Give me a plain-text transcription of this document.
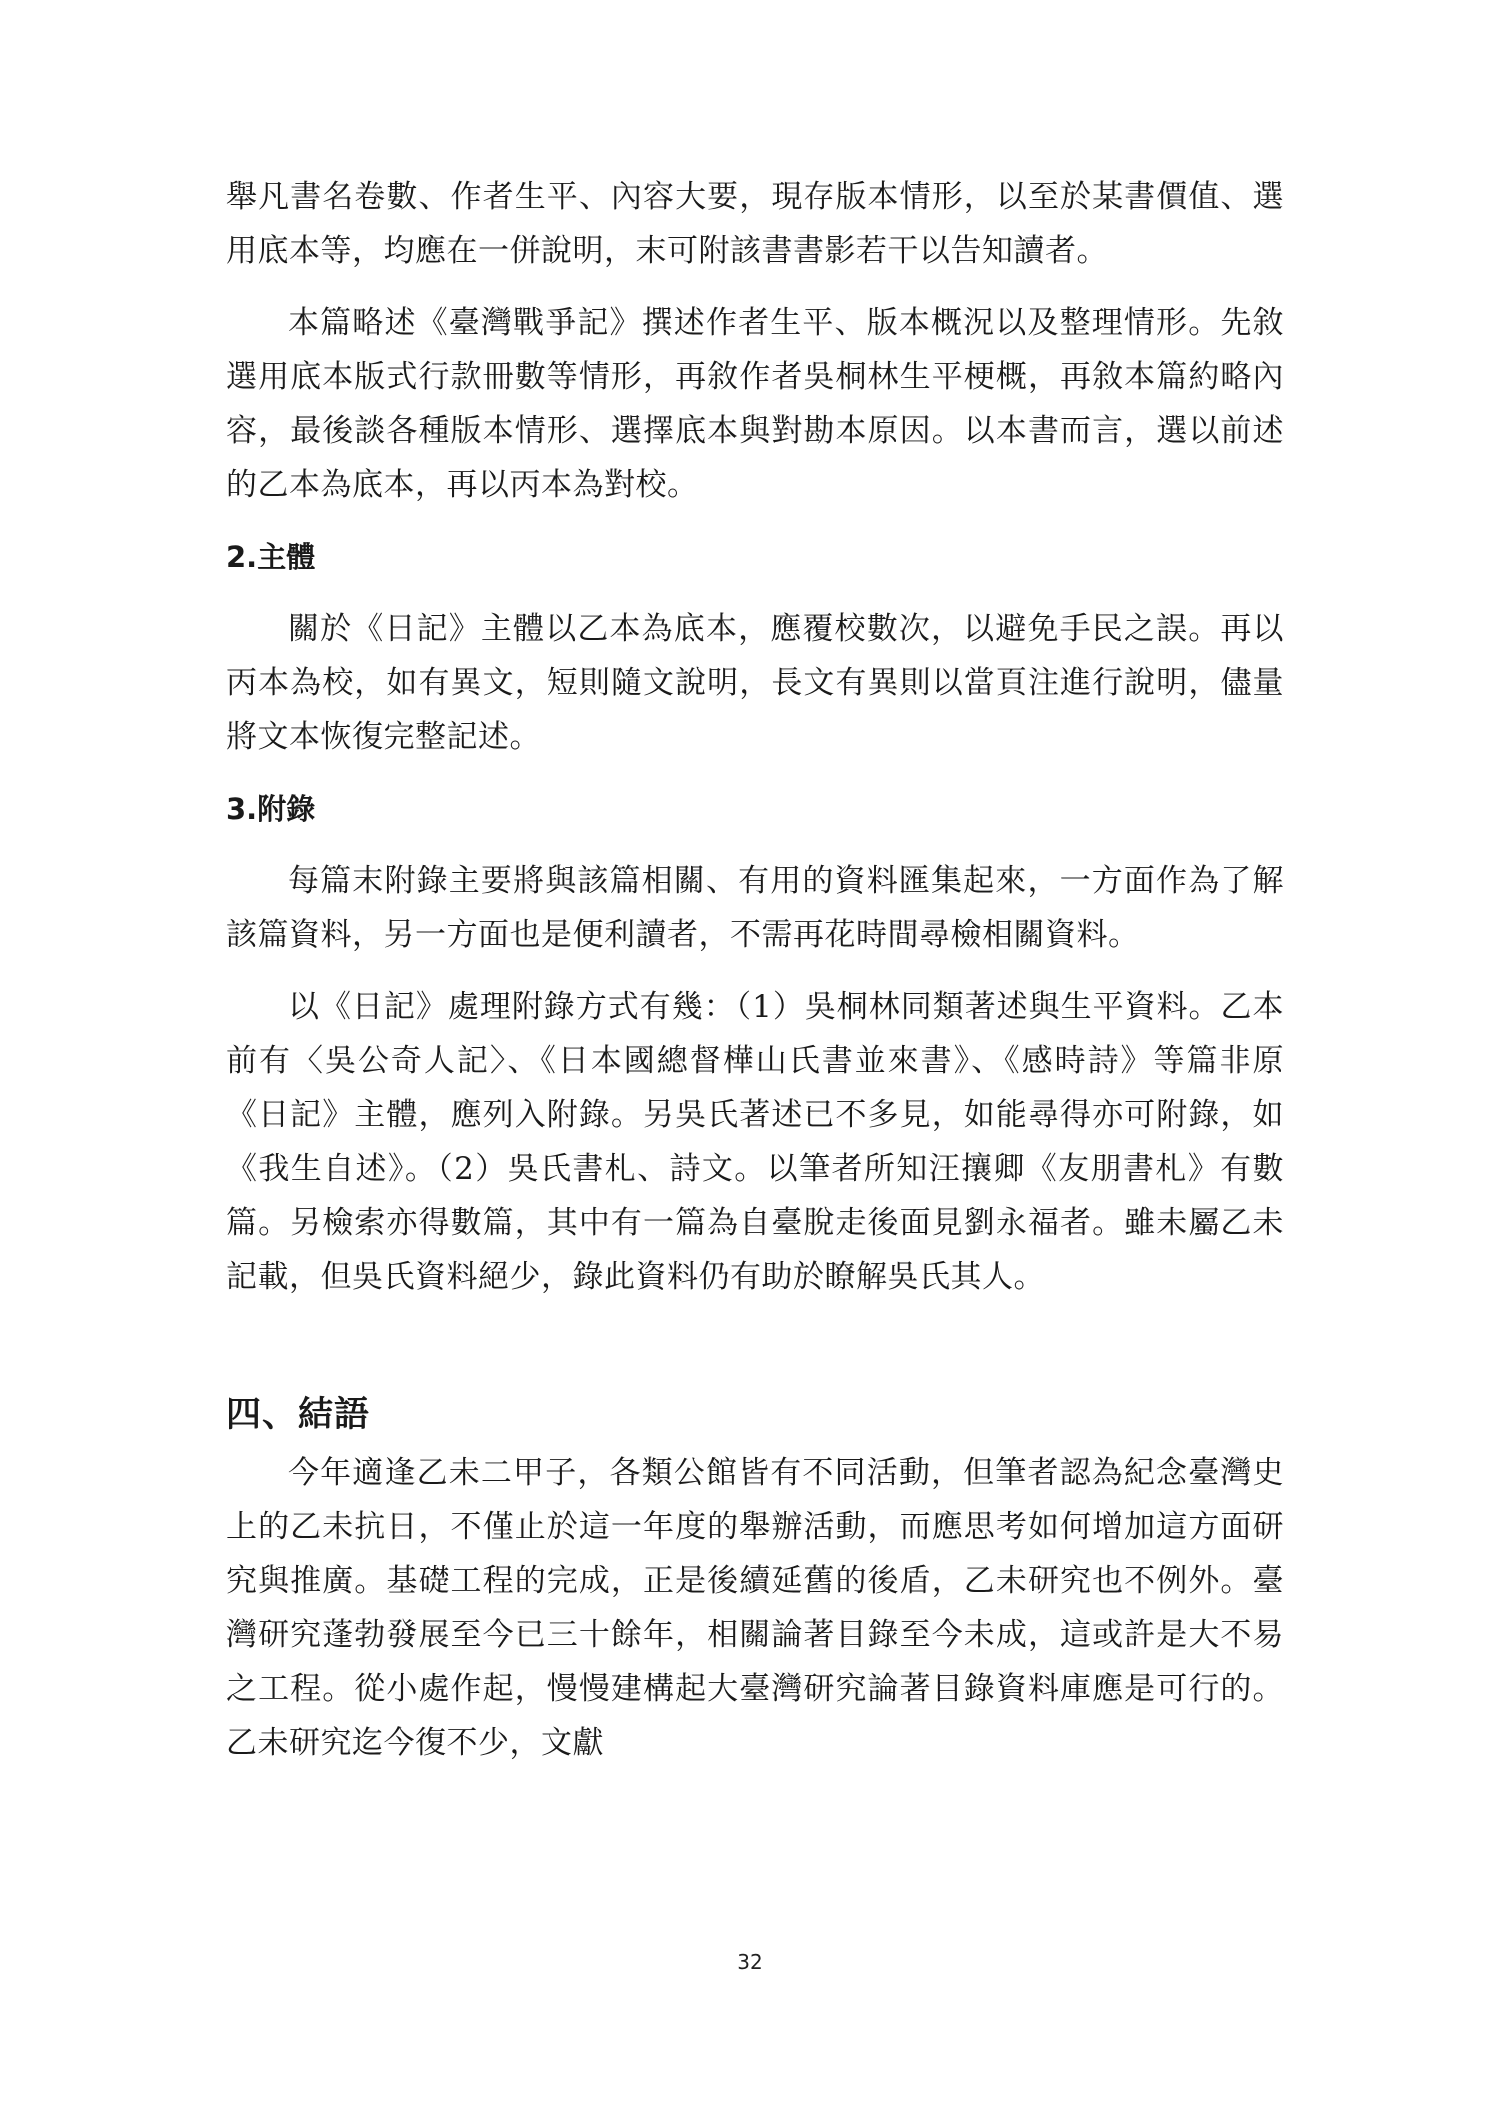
舉凡書名卷數、作者生平、內容大要，現存版本情形，以至於某書價值、選用底本等，均應在一併說明，末可附該書書影若干以告知讀者。

本篇略述《臺灣戰爭記》撰述作者生平、版本概況以及整理情形。先敘選用底本版式行款冊數等情形，再敘作者吳桐林生平梗概，再敘本篇約略內容，最後談各種版本情形、選擇底本與對勘本原因。以本書而言，選以前述的乙本為底本，再以丙本為對校。

2.主體

關於《日記》主體以乙本為底本，應覆校數次，以避免手民之誤。再以丙本為校，如有異文，短則隨文說明，長文有異則以當頁注進行說明，儘量將文本恢復完整記述。

3.附錄

每篇末附錄主要將與該篇相關、有用的資料匯集起來，一方面作為了解該篇資料，另一方面也是便利讀者，不需再花時間尋檢相關資料。

以《日記》處理附錄方式有幾：（1）吳桐林同類著述與生平資料。乙本前有〈吳公奇人記〉、《日本國總督樺山氏書並來書》、《感時詩》等篇非原《日記》主體，應列入附錄。另吳氏著述已不多見，如能尋得亦可附錄，如《我生自述》。（2）吳氏書札、詩文。以筆者所知汪攘卿《友朋書札》有數篇。另檢索亦得數篇，其中有一篇為自臺脫走後面見劉永福者。雖未屬乙未記載，但吳氏資料絕少，錄此資料仍有助於瞭解吳氏其人。

四、結語

今年適逢乙未二甲子，各類公館皆有不同活動，但筆者認為紀念臺灣史上的乙未抗日，不僅止於這一年度的舉辦活動，而應思考如何增加這方面研究與推廣。基礎工程的完成，正是後續延舊的後盾，乙未研究也不例外。臺灣研究蓬勃發展至今已三十餘年，相關論著目錄至今未成，這或許是大不易之工程。從小處作起，慢慢建構起大臺灣研究論著目錄資料庫應是可行的。乙未研究迄今復不少，文獻

32
